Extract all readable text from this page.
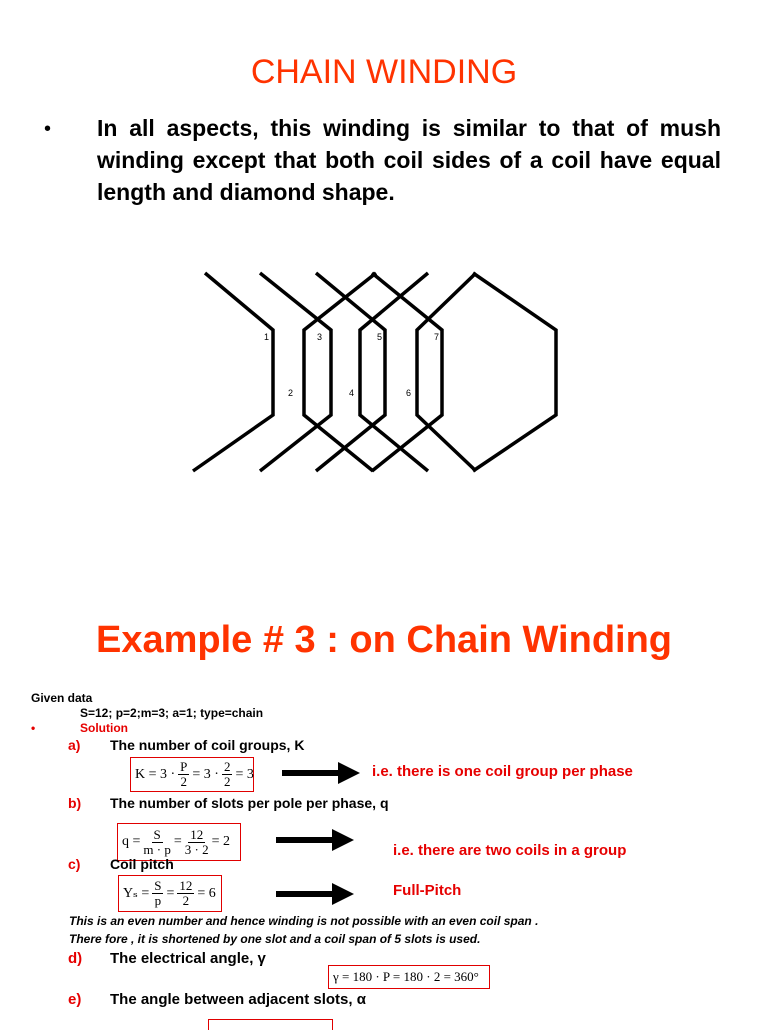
CHAIN WINDING
• In all aspects, this winding is similar to that of mush winding except that both coil sides of a coil have equal length and diamond shape.
1	3	5	7
2	4	6
Example # 3 : on Chain Winding
Given data
S=12; p=2;m=3; a=1; type=chain
•	Solution
a) The number of coil groups, K
$K = 3 \cdot \frac{P}{2} = 3 \cdot \frac{2}{2} = 3$	i.e. there is one coil group per phase
b) The number of slots per pole per phase, q
$q = \frac{S}{m \cdot p} = \frac{12}{3 \cdot 2} = 2$
i.e. there are two coils in a group
c) Coil pitch
$Y_s = \frac{S}{p} = \frac{12}{2} = 6$	Full-Pitch
This is an even number and hence winding is not possible with an even coil span .
There fore , it is shortened by one slot and a coil span of 5 slots is used.
d) The electrical angle, γ
γ = 180 · P = 180 · 2 = 360°
e) The angle between adjacent slots, α
